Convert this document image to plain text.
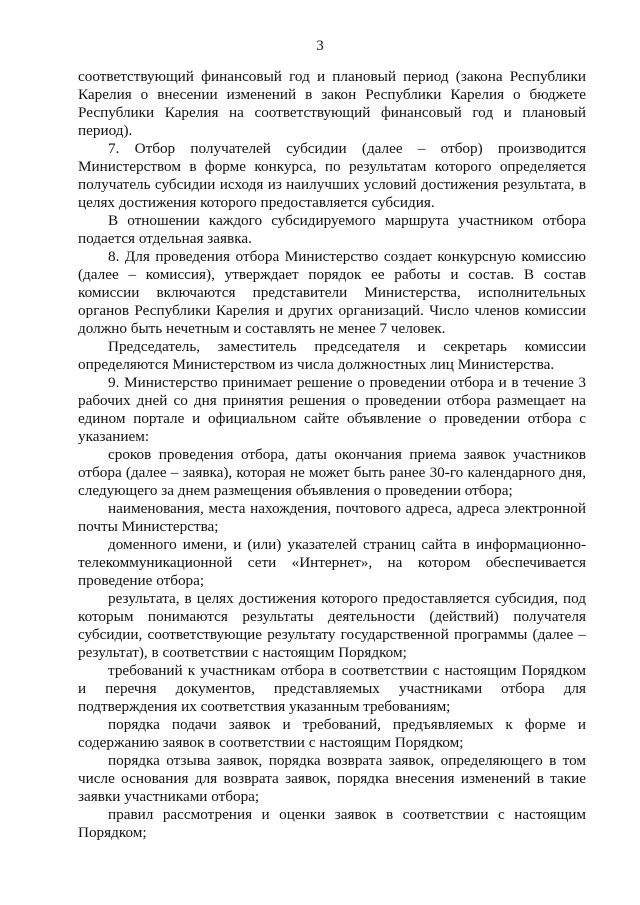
3

соответствующий финансовый год и плановый период (закона Республики Карелия о внесении изменений в закон Республики Карелия о бюджете Республики Карелия на соответствующий финансовый год и плановый период).

7. Отбор получателей субсидии (далее – отбор) производится Министерством в форме конкурса, по результатам которого определяется получатель субсидии исходя из наилучших условий достижения результата, в целях достижения которого предоставляется субсидия.

В отношении каждого субсидируемого маршрута участником отбора подается отдельная заявка.

8. Для проведения отбора Министерство создает конкурсную комиссию (далее – комиссия), утверждает порядок ее работы и состав. В состав комиссии включаются представители Министерства, исполнительных органов Республики Карелия и других организаций. Число членов комиссии должно быть нечетным и составлять не менее 7 человек.

Председатель, заместитель председателя и секретарь комиссии определяются Министерством из числа должностных лиц Министерства.

9. Министерство принимает решение о проведении отбора и в течение 3 рабочих дней со дня принятия решения о проведении отбора размещает на едином портале и официальном сайте объявление о проведении отбора с указанием:

сроков проведения отбора, даты окончания приема заявок участников отбора (далее – заявка), которая не может быть ранее 30-го календарного дня, следующего за днем размещения объявления о проведении отбора;

наименования, места нахождения, почтового адреса, адреса электронной почты Министерства;

доменного имени, и (или) указателей страниц сайта в информационно-телекоммуникационной сети «Интернет», на котором обеспечивается проведение отбора;

результата, в целях достижения которого предоставляется субсидия, под которым понимаются результаты деятельности (действий) получателя субсидии, соответствующие результату государственной программы (далее – результат), в соответствии с настоящим Порядком;

требований к участникам отбора в соответствии с настоящим Порядком и перечня документов, представляемых участниками отбора для подтверждения их соответствия указанным требованиям;

порядка подачи заявок и требований, предъявляемых к форме и содержанию заявок в соответствии с настоящим Порядком;

порядка отзыва заявок, порядка возврата заявок, определяющего в том числе основания для возврата заявок, порядка внесения изменений в такие заявки участниками отбора;

правил рассмотрения и оценки заявок в соответствии с настоящим Порядком;
